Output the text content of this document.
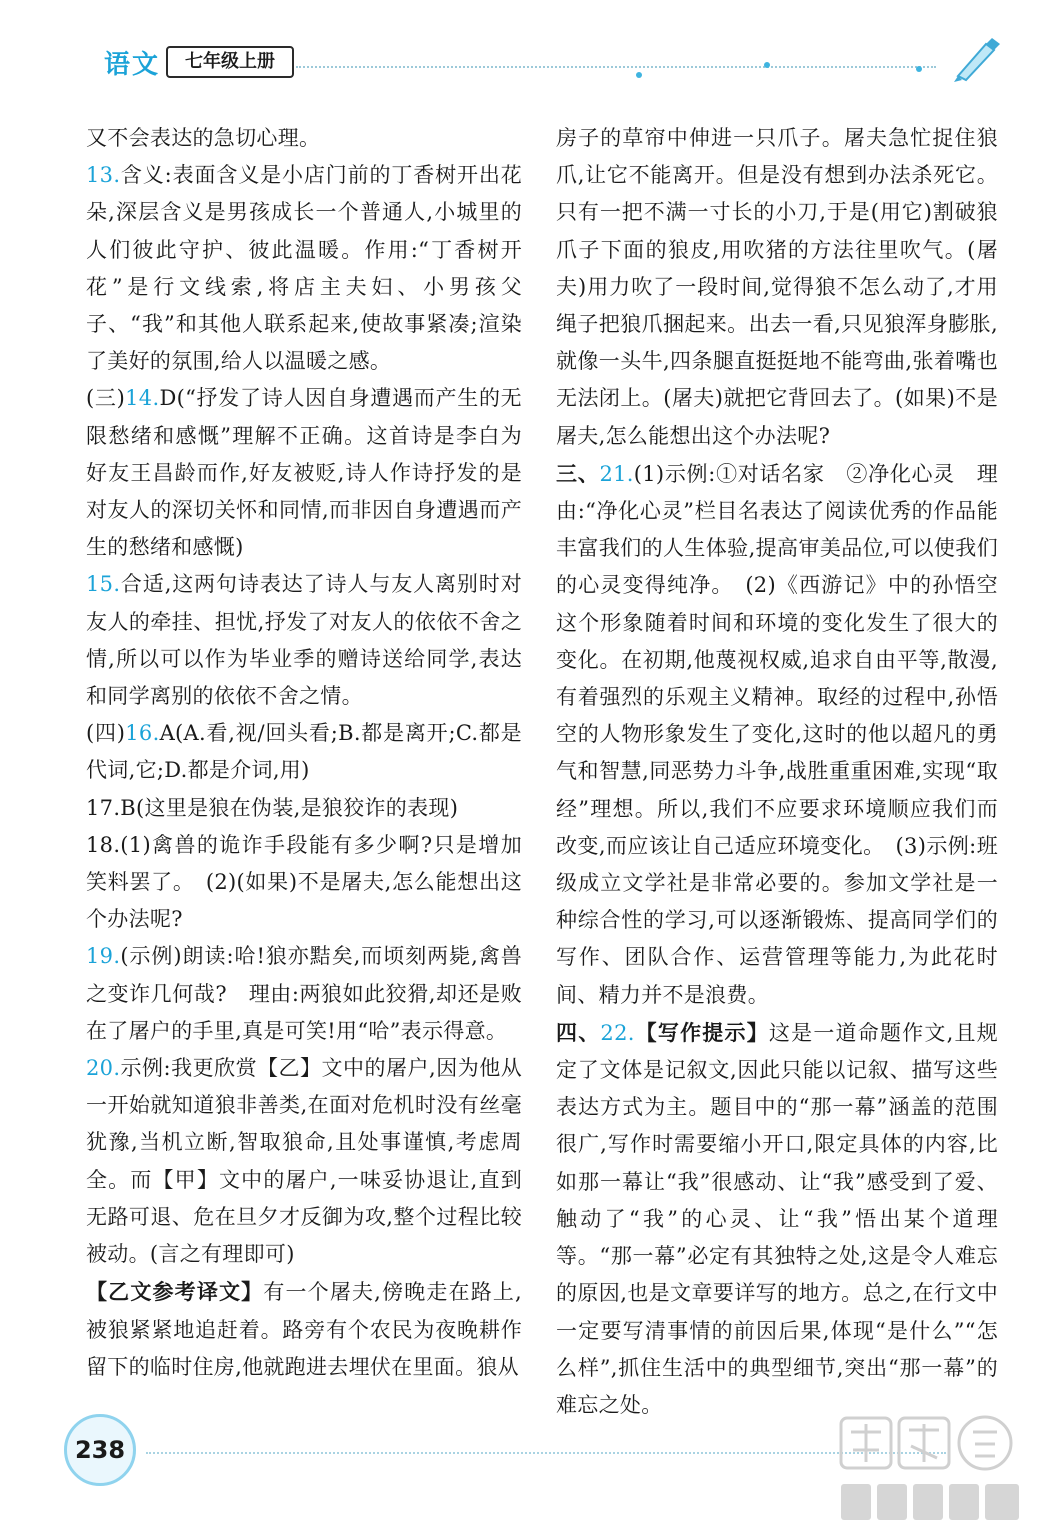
语文	七年级上册

又不会表达的急切心理。

13.含义:表面含义是小店门前的丁香树开出花朵,深层含义是男孩成长一个普通人,小城里的人们彼此守护、彼此温暖。作用:“丁香树开花”是行文线索,将店主夫妇、小男孩父子、“我”和其他人联系起来,使故事紧凑;渲染了美好的氛围,给人以温暖之感。

(三)14.D(“抒发了诗人因自身遭遇而产生的无限愁绪和感慨”理解不正确。这首诗是李白为好友王昌龄而作,好友被贬,诗人作诗抒发的是对友人的深切关怀和同情,而非因自身遭遇而产生的愁绪和感慨)

15.合适,这两句诗表达了诗人与友人离别时对友人的牵挂、担忧,抒发了对友人的依依不舍之情,所以可以作为毕业季的赠诗送给同学,表达和同学离别的依依不舍之情。

(四)16.A(A.看,视/回头看;B.都是离开;C.都是代词,它;D.都是介词,用)

17.B(这里是狼在伪装,是狼狡诈的表现)

18.(1)禽兽的诡诈手段能有多少啊?只是增加笑料罢了。　(2)(如果)不是屠夫,怎么能想出这个办法呢?

19.(示例)朗读:哈!狼亦黠矣,而顷刻两毙,禽兽之变诈几何哉?　理由:两狼如此狡猾,却还是败在了屠户的手里,真是可笑!用“哈”表示得意。

20.示例:我更欣赏【乙】文中的屠户,因为他从一开始就知道狼非善类,在面对危机时没有丝毫犹豫,当机立断,智取狼命,且处事谨慎,考虑周全。而【甲】文中的屠户,一味妥协退让,直到无路可退、危在旦夕才反御为攻,整个过程比较被动。(言之有理即可)

【乙文参考译文】有一个屠夫,傍晚走在路上,被狼紧紧地追赶着。路旁有个农民为夜晚耕作留下的临时住房,他就跑进去埋伏在里面。狼从

房子的草帘中伸进一只爪子。屠夫急忙捉住狼爪,让它不能离开。但是没有想到办法杀死它。只有一把不满一寸长的小刀,于是(用它)割破狼爪子下面的狼皮,用吹猪的方法往里吹气。(屠夫)用力吹了一段时间,觉得狼不怎么动了,才用绳子把狼爪捆起来。出去一看,只见狼浑身膨胀,就像一头牛,四条腿直挺挺地不能弯曲,张着嘴也无法闭上。(屠夫)就把它背回去了。(如果)不是屠夫,怎么能想出这个办法呢?

三、21.(1)示例:①对话名家　②净化心灵　理由:“净化心灵”栏目名表达了阅读优秀的作品能丰富我们的人生体验,提高审美品位,可以使我们的心灵变得纯净。　(2)《西游记》中的孙悟空这个形象随着时间和环境的变化发生了很大的变化。在初期,他蔑视权威,追求自由平等,散漫,有着强烈的乐观主义精神。取经的过程中,孙悟空的人物形象发生了变化,这时的他以超凡的勇气和智慧,同恶势力斗争,战胜重重困难,实现“取经”理想。所以,我们不应要求环境顺应我们而改变,而应该让自己适应环境变化。　(3)示例:班级成立文学社是非常必要的。参加文学社是一种综合性的学习,可以逐渐锻炼、提高同学们的写作、团队合作、运营管理等能力,为此花时间、精力并不是浪费。

四、22.【写作提示】这是一道命题作文,且规定了文体是记叙文,因此只能以记叙、描写这些表达方式为主。题目中的“那一幕”涵盖的范围很广,写作时需要缩小开口,限定具体的内容,比如那一幕让“我”很感动、让“我”感受到了爱、触动了“我”的心灵、让“我”悟出某个道理等。“那一幕”必定有其独特之处,这是令人难忘的原因,也是文章要详写的地方。总之,在行文中一定要写清事情的前因后果,体现“是什么”“怎么样”,抓住生活中的典型细节,突出“那一幕”的难忘之处。

238
